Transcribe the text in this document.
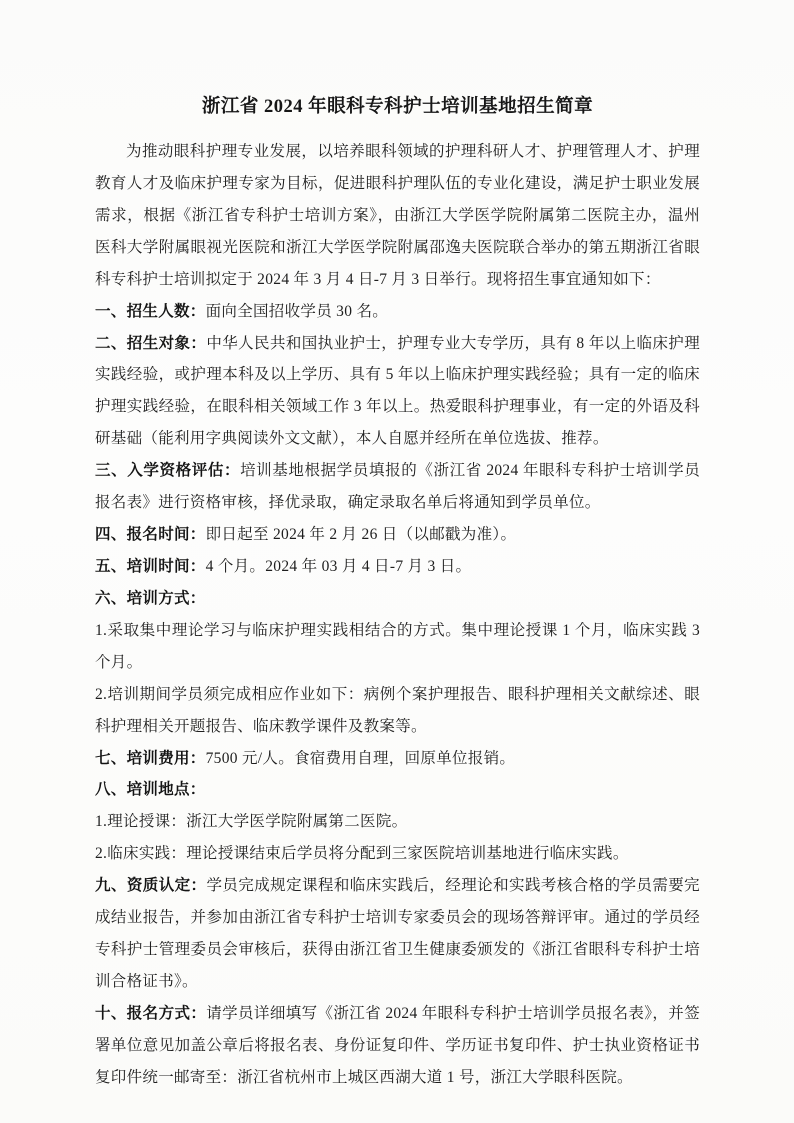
浙江省 2024 年眼科专科护士培训基地招生简章

为推动眼科护理专业发展，以培养眼科领域的护理科研人才、护理管理人才、护理教育人才及临床护理专家为目标，促进眼科护理队伍的专业化建设，满足护士职业发展需求，根据《浙江省专科护士培训方案》，由浙江大学医学院附属第二医院主办，温州医科大学附属眼视光医院和浙江大学医学院附属邵逸夫医院联合举办的第五期浙江省眼科专科护士培训拟定于 2024 年 3 月 4 日-7 月 3 日举行。现将招生事宜通知如下：

一、招生人数：面向全国招收学员 30 名。

二、招生对象：中华人民共和国执业护士，护理专业大专学历，具有 8 年以上临床护理实践经验，或护理本科及以上学历、具有 5 年以上临床护理实践经验；具有一定的临床护理实践经验，在眼科相关领域工作 3 年以上。热爱眼科护理事业，有一定的外语及科研基础（能利用字典阅读外文文献），本人自愿并经所在单位选拔、推荐。

三、入学资格评估：培训基地根据学员填报的《浙江省 2024 年眼科专科护士培训学员报名表》进行资格审核，择优录取，确定录取名单后将通知到学员单位。

四、报名时间：即日起至 2024 年 2 月 26 日（以邮戳为准）。

五、培训时间：4 个月。2024 年 03 月 4 日-7 月 3 日。

六、培训方式：

1.采取集中理论学习与临床护理实践相结合的方式。集中理论授课 1 个月，临床实践 3 个月。

2.培训期间学员须完成相应作业如下：病例个案护理报告、眼科护理相关文献综述、眼科护理相关开题报告、临床教学课件及教案等。

七、培训费用：7500 元/人。食宿费用自理，回原单位报销。

八、培训地点：

1.理论授课：浙江大学医学院附属第二医院。

2.临床实践：理论授课结束后学员将分配到三家医院培训基地进行临床实践。

九、资质认定：学员完成规定课程和临床实践后，经理论和实践考核合格的学员需要完成结业报告，并参加由浙江省专科护士培训专家委员会的现场答辩评审。通过的学员经专科护士管理委员会审核后，获得由浙江省卫生健康委颁发的《浙江省眼科专科护士培训合格证书》。

十、报名方式：请学员详细填写《浙江省 2024 年眼科专科护士培训学员报名表》，并签署单位意见加盖公章后将报名表、身份证复印件、学历证书复印件、护士执业资格证书复印件统一邮寄至：浙江省杭州市上城区西湖大道 1 号，浙江大学眼科医院。
